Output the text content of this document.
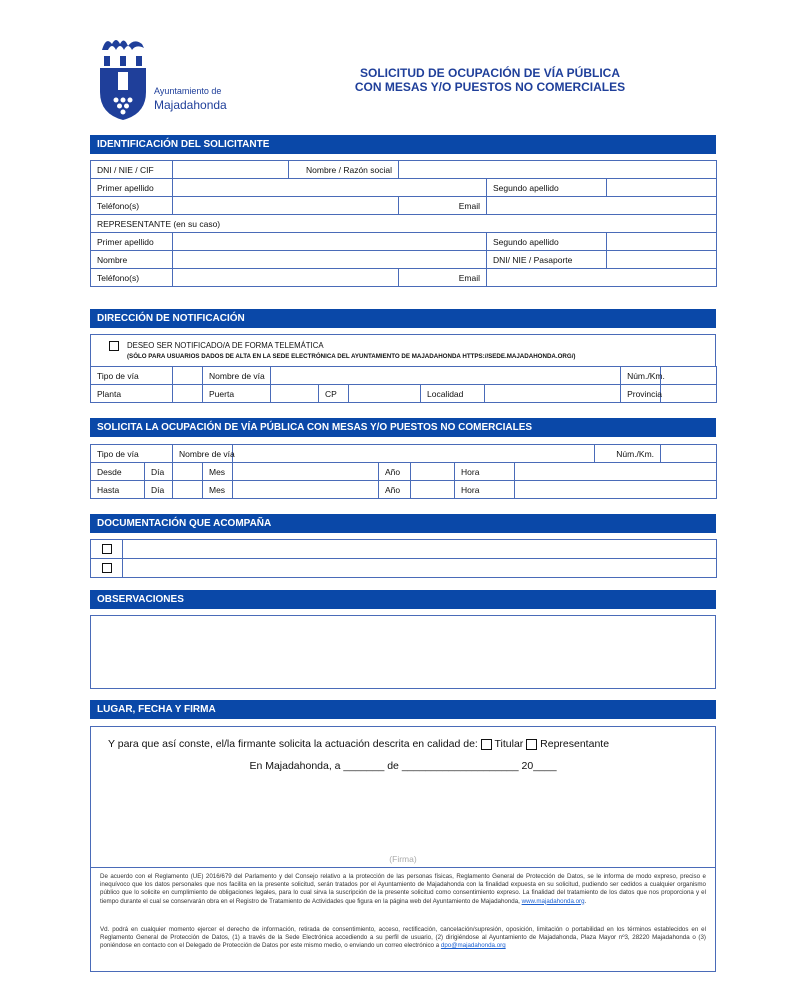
Ayuntamiento de
Majadahonda
SOLICITUD DE OCUPACIÓN DE VÍA PÚBLICA
CON MESAS Y/O PUESTOS NO COMERCIALES
IDENTIFICACIÓN DEL SOLICITANTE
DNI / NIE / CIF		Nombre / Razón social			
Primer apellido				Segundo apellido	
Teléfono(s)			Email		
REPRESENTANTE (en su caso)					
Primer apellido				Segundo apellido	
Nombre				DNI/ NIE / Pasaporte	
Teléfono(s)			Email		
DIRECCIÓN DE NOTIFICACIÓN
DESEO SER NOTIFICADO/A DE FORMA TELEMÁTICA
(SÓLO PARA USUARIOS DADOS DE ALTA EN LA SEDE ELECTRÓNICA DEL AYUNTAMIENTO DE MAJADAHONDA HTTPS://SEDE.MAJADAHONDA.ORG/)
Tipo de vía		Nombre de vía						Núm./Km.	
Planta		Puerta		CP		Localidad		Provincia	
SOLICITA LA OCUPACIÓN DE VÍA PÚBLICA CON MESAS Y/O PUESTOS NO COMERCIALES
Tipo de vía		Nombre de vía							Núm./Km.	
Desde	Día		Mes		Año		Hora			
Hasta	Día		Mes		Año		Hora			
DOCUMENTACIÓN QUE ACOMPAÑA

OBSERVACIONES
LUGAR, FECHA Y FIRMA
Y para que así conste, el/la firmante solicita la actuación descrita en calidad de: Titular Representante
En Majadahonda, a _______ de ____________________ 20____
(Firma)
De acuerdo con el Reglamento (UE) 2016/679 del Parlamento y del Consejo relativo a la protección de las personas físicas, Reglamento General de Protección de Datos, se le informa de modo expreso, preciso e inequívoco que los datos personales que nos facilita en la presente solicitud, serán tratados por el Ayuntamiento de Majadahonda con la finalidad expuesta en su solicitud, pudiendo ser cedidos a cualquier organismo público que lo solicite en cumplimiento de obligaciones legales, para lo cual sirva la suscripción de la presente solicitud como consentimiento expreso. La finalidad del tratamiento de los datos que nos proporciona y el tiempo durante el cual se conservarán obra en el Registro de Tratamiento de Actividades que figura en la página web del Ayuntamiento de Majadahonda, www.majadahonda.org.
Vd. podrá en cualquier momento ejercer el derecho de información, retirada de consentimiento, acceso, rectificación, cancelación/supresión, oposición, limitación o portabilidad en los términos establecidos en el Reglamento General de Protección de Datos, (1) a través de la Sede Electrónica accediendo a su perfil de usuario, (2) dirigiéndose al Ayuntamiento de Majadahonda, Plaza Mayor nº3, 28220 Majadahonda o (3) poniéndose en contacto con el Delegado de Protección de Datos por este mismo medio, o enviando un correo electrónico a dpo@majadahonda.org
